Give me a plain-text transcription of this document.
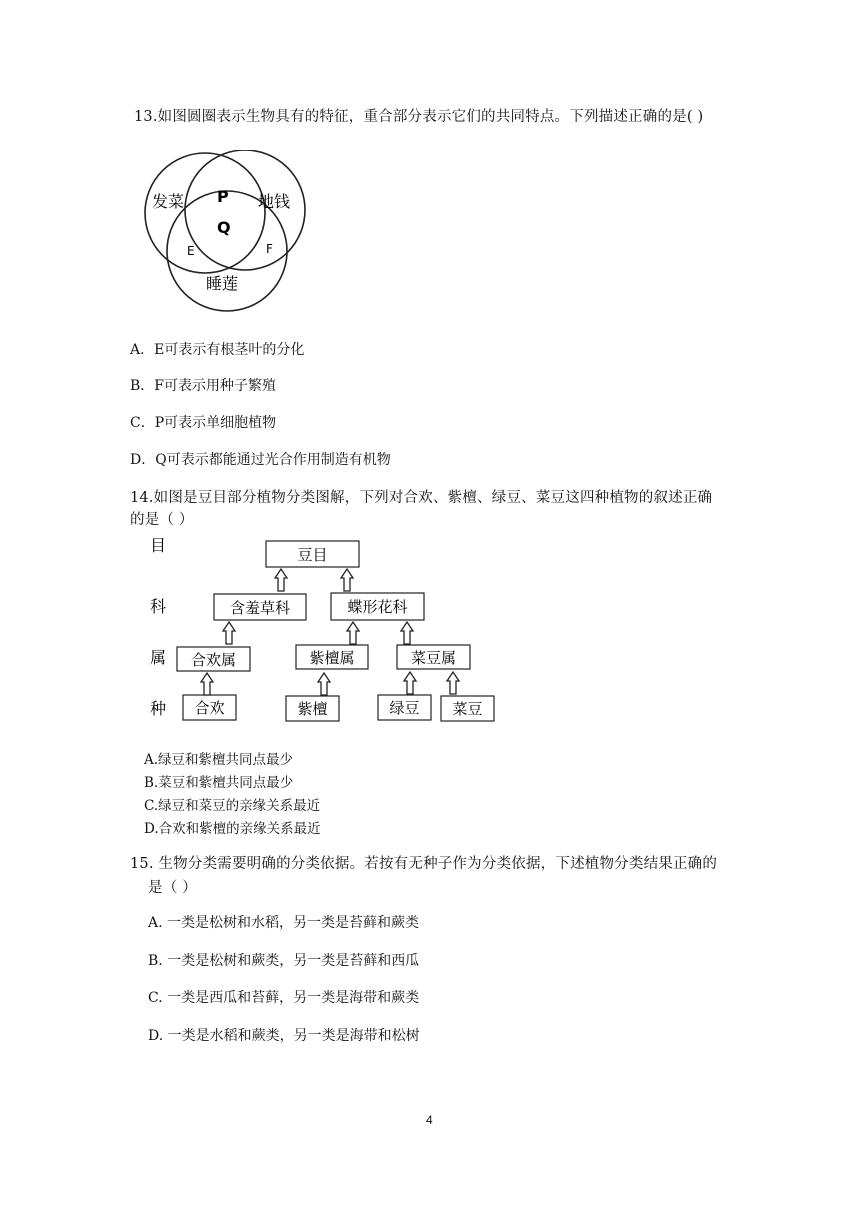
13.如图圆圈表示生物具有的特征，重合部分表示它们的共同特点。下列描述正确的是( )
发菜	地钱
睡莲
P
Q
E	F
A．E可表示有根茎叶的分化
B．F可表示用种子繁殖
C．P可表示单细胞植物
D．Q可表示都能通过光合作用制造有机物
14.如图是豆目部分植物分类图解，下列对合欢、紫檀、绿豆、菜豆这四种植物的叙述正确
的是（ ）
目
科
属
种
豆目
含羞草科	蝶形花科
合欢属	紫檀属	菜豆属
合欢	紫檀	绿豆 菜豆
A.绿豆和紫檀共同点最少
B.菜豆和紫檀共同点最少
C.绿豆和菜豆的亲缘关系最近
D.合欢和紫檀的亲缘关系最近
15. 生物分类需要明确的分类依据。若按有无种子作为分类依据，下述植物分类结果正确的
是（ ）
A. 一类是松树和水稻，另一类是苔藓和蕨类
B. 一类是松树和蕨类，另一类是苔藓和西瓜
C. 一类是西瓜和苔藓，另一类是海带和蕨类
D. 一类是水稻和蕨类，另一类是海带和松树
4
